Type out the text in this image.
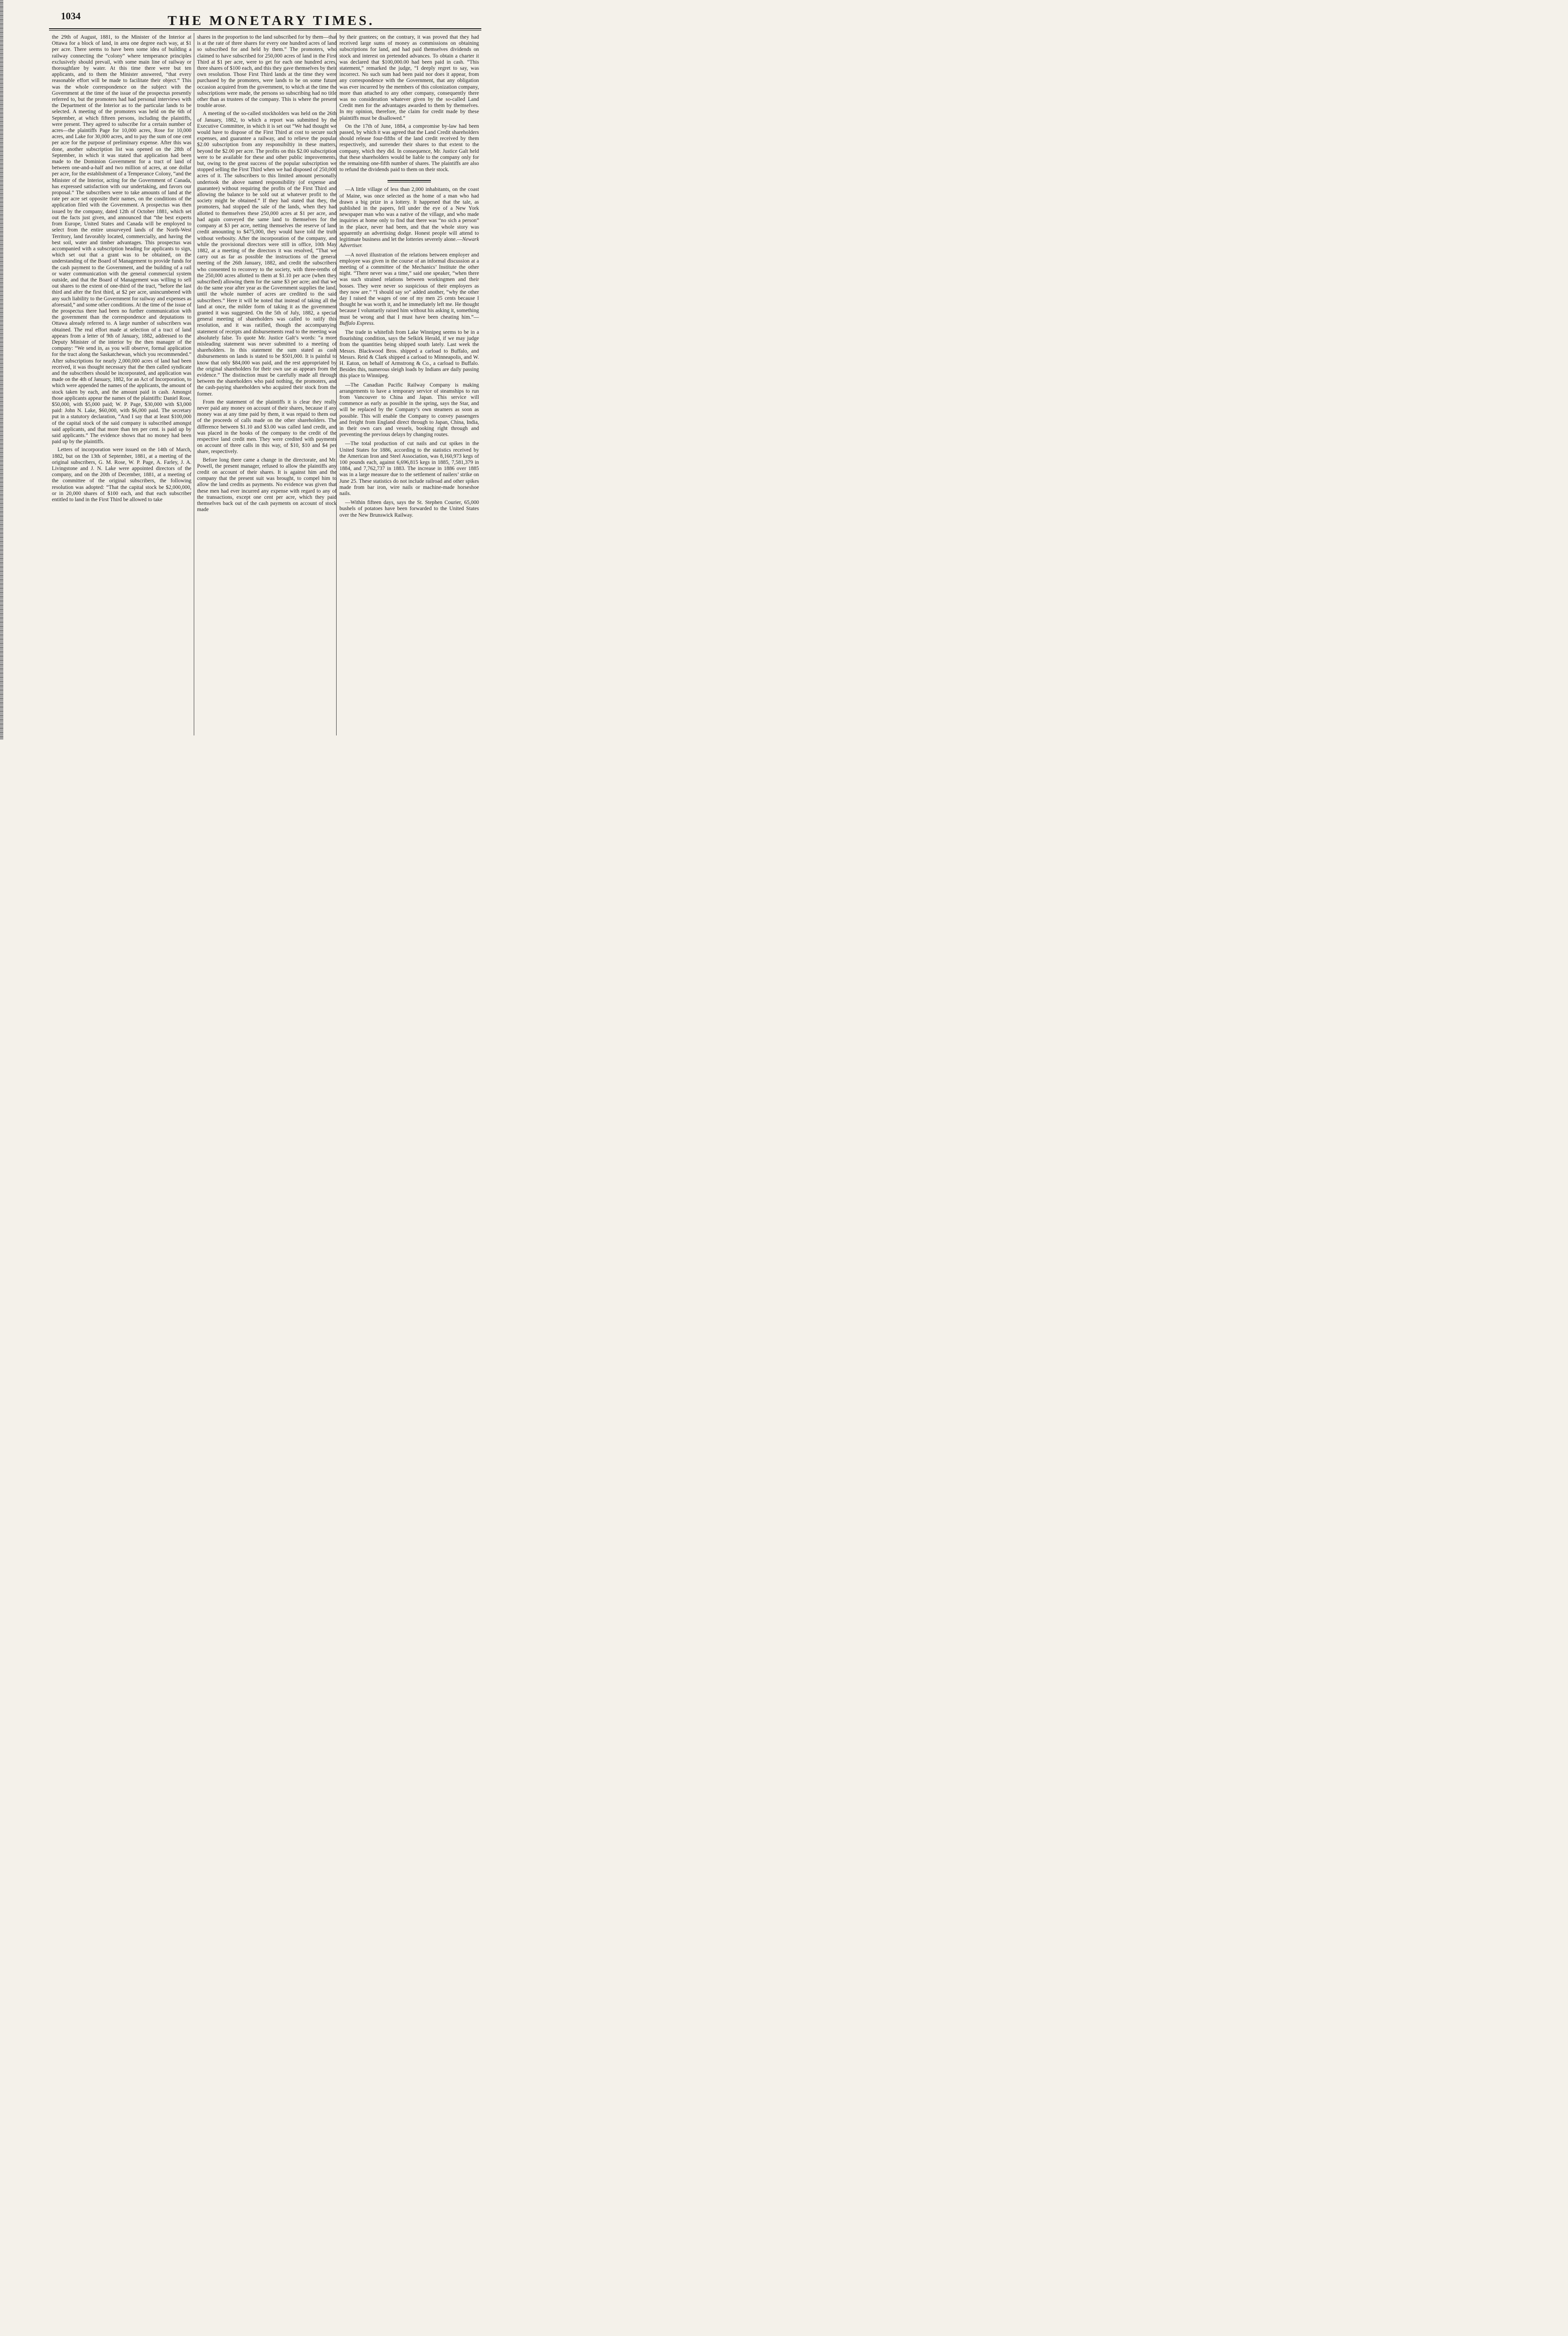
1034	THE MONETARY TIMES.

the 29th of August, 1881, to the Minister of the Interior at Ottawa for a block of land, in area one degree each way, at $1 per acre. There seems to have been some idea of building a railway connecting the “colony” where temperance principles exclusively should prevail, with some main line of railway or thoroughfare by water. At this time there were but ten applicants, and to them the Minister answered, “that every reasonable effort will be made to facilitate their object.” This was the whole correspondence on the subject with the Government at the time of the issue of the prospectus presently referred to, but the promoters had had personal interviews with the Department of the Interior as to the particular lands to be selected. A meeting of the promoters was held on the 6th of September, at which fifteen persons, including the plaintiffs, were present. They agreed to subscribe for a certain number of acres—the plaintiffs Page for 10,000 acres, Rose for 10,000 acres, and Lake for 30,000 acres, and to pay the sum of one cent per acre for the purpose of preliminary expense. After this was done, another subscription list was opened on the 28th of September, in which it was stated that application had been made to the Dominion Government for a tract of land of between one-and-a-half and two million of acres, at one dollar per acre, for the establishment of a Temperance Colony, “and the Minister of the Interior, acting for the Government of Canada, has expressed satisfaction with our undertaking, and favors our proposal.” The subscribers were to take amounts of land at the rate per acre set opposite their names, on the conditions of the application filed with the Government. A prospectus was then issued by the company, dated 12th of October 1881, which set out the facts just given, and announced that “the best experts from Europe, United States and Canada will be employed to select from the entire unsurveyed lands of the North-West Territory, land favorably located, commercially, and having the best soil, water and timber advantages. This prospectus was accompanied with a subscription heading for applicants to sign, which set out that a grant was to be obtained, on the understanding of the Board of Management to provide funds for the cash payment to the Government, and the building of a rail or water communication with the general commercial system outside, and that the Board of Management was willing to sell out shares to the extent of one-third of the tract, “before the last third and after the first third, at $2 per acre, unincumbered with any such liability to the Government for railway and expenses as aforesaid,” and some other conditions. At the time of the issue of the prospectus there had been no further communication with the government than the correspondence and deputations to Ottawa already referred to. A large number of subscribers was obtained. The real effort made at selection of a tract of land appears from a letter of 9th of January, 1882, addressed to the Deputy Minister of the interior by the then manager of the company: “We send in, as you will observe, formal application for the tract along the Saskatchewan, which you recommended.” After subscriptions for nearly 2,000,000 acres of land had been received, it was thought necessary that the then called syndicate and the subscribers should be incorporated, and application was made on the 4th of January, 1882, for an Act of Incorporation, to which were appended the names of the applicants, the amount of stock taken by each, and the amount paid in cash. Amongst those applicants appear the names of the plaintiffs: Daniel Rose, $50,000, with $5,000 paid; W. P. Page, $30,000 with $3,000 paid: John N. Lake, $60,000, with $6,000 paid. The secretary put in a statutory declaration, “And I say that at least $100,000 of the capital stock of the said company is subscribed amongst said applicants, and that more than ten per cent. is paid up by said applicants.” The evidence shows that no money had been paid up by the plaintiffs.

Letters of incorporation were issued on the 14th of March, 1882, but on the 13th of September, 1881, at a meeting of the original subscribers, G. M. Rose, W. P. Page, A. Farley, J. A. Livingstone and J. N. Lake were appointed directors of the company, and on the 20th of December, 1881, at a meeting of the committee of the original subscribers, the following resolution was adopted: “That the capital stock be $2,000,000, or in 20,000 shares of $100 each, and that each subscriber entitled to land in the First Third be allowed to take

shares in the proportion to the land subscribed for by them—that is at the rate of three shares for every one hundred acres of land so subscribed for and held by them.” The promoters, who claimed to have subscribed for 250,000 acres of land in the First Third at $1 per acre, were to get for each one hundred acres, three shares of $100 each, and this they gave themselves by their own resolution. Those First Third lands at the time they were purchased by the promoters, were lands to be on some future occasion acquired from the government, to which at the time the subscriptions were made, the persons so subscribing had no title other than as trustees of the company. This is where the present trouble arose.

A meeting of the so-called stockholders was held on the 26th of January, 1882, to which a report was submitted by the Executive Committee, in which it is set out “We had thought we would have to dispose of the First Third at cost to secure such expenses, and guarantee a railway, and to relieve the popular $2.00 subscription from any responsibiltiy in these matters, beyond the $2.00 per acre. The profits on this $2.00 subscription were to be available for these and other public improvements, but, owing to the great success of the popular subscription we stopped selling the First Third when we had disposed of 250,000 acres of it. The subscribers to this limited amount personally undertook the above named responsibility (of expense and guarantee) without requiring the profits of the First Third and allowing the balance to be sold out at whatever profit to the society might be obtained.” If they had stated that they, the promoters, had stopped the sale of the lands, when they had allotted to themselves these 250,000 acres at $1 per acre, and had again conveyed the same land to themselves for the company at $3 per acre, netting themselves the reserve of land credit amounting to $475,000, they would have told the truth without verbosity. After the incorporation of the company, and while the provisional directors were still in office, 10th May 1882, at a meeting of the directors it was resolved, “That we carry out as far as possible the instructions of the general meeting of the 26th January, 1882, and credit the subscribers who consented to reconvey to the society, with three-tenths of the 250,000 acres allotted to them at $1.10 per acre (when they subscribed) allowing them for the same $3 per acre; and that we do the same year after year as the Government supplies the land, until the whole number of acres are credited to the said subscribers.” Here it will be noted that instead of taking all the land at once, the milder form of taking it as the government granted it was suggested. On the 5th of July, 1882, a special general meeting of shareholders was called to ratify this resolution, and it was ratified, though the accompanying statement of receipts and disbursements read to the meeting was absolutely false. To quote Mr. Justice Galt’s words: “a more misleading statement was never submitted to a meeting of shareholders. In this statement the sum stated as cash disbursements on lands is stated to be $501,000. It is painful to know that only $84,000 was paid, and the rest appropriated by the original shareholders for their own use as appears from the evidence.” The distinction must be carefully made all through between the shareholders who paid nothing, the promoters, and the cash-paying shareholders who acquired their stock from the former.

From the statement of the plaintiffs it is clear they really never paid any money on account of their shares, because if any money was at any time paid by them, it was repaid to them out of the proceeds of calls made on the other shareholders. The difference between $1.10 and $3.00 was called land credit, and was placed in the books of the company to the credit of the respective land credit men. They were credited with payments on account of three calls in this way, of $10, $10 and $4 per share, respectively.

Before long there came a change in the directorate, and Mr. Powell, the present manager, refused to allow the plaintiffs any credit on account of their shares. It is against him and the company that the present suit was brought, to compel him to allow the land credits as payments. No evidence was given that these men had ever incurred any expense with regard to any of the transactions, except one cent per acre, which they paid themselves back out of the cash payments on account of stock made

by their grantees; on the contrary, it was proved that they had received large sums of money as commissions on obtaining subscriptions for land, and had paid themselves dividends on stock and interest on pretended advances. To obtain a charter it was declared that $100,000.00 had been paid in cash. “This statement,” remarked the judge, “I deeply regret to say, was incorrect. No such sum had been paid nor does it appear, from any correspondence with the Government, that any obligation was ever incurred by the members of this colonization company, more than attached to any other company, consequently there was no consideration whatever given by the so-called Land Credit men for the advantages awarded to them by themselves. In my opinion, therefore, the claim for credit made by these plaintiffs must be disallowed.”

On the 17th of June, 1884, a compromise by-law had been passed, by which it was agreed that the Land Credit shareholders should release four-fifths of the land credit received by them respectively, and surrender their shares to that extent to the company, which they did. In consequence, Mr. Justice Galt held that these shareholders would be liable to the company only for the remaining one-fifth number of shares. The plaintiffs are also to refund the dividends paid to them on their stock.

—A little village of less than 2,000 inhabitants, on the coast of Maine, was once selected as the home of a man who had drawn a big prize in a lottery. It happened that the tale, as published in the papers, fell under the eye of a New York newspaper man who was a native of the village, and who made inquiries at home only to find that there was “no sich a person” in the place, never had been, and that the whole story was apparently an advertising dodge. Honest people will attend to legitimate business and let the lotteries severely alone.—Newark Advertiser.

—A novel illustration of the relations between employer and employee was given in the course of an informal discussion at a meeting of a committee of the Mechanics’ Institute the other night. “There never was a time,” said one speaker, “when there was such strained relations between workingmen and their bosses. They were never so suspicious of their employers as they now are.” “I should say so” added another, “why the other day I raised the wages of one of my men 25 cents because I thought he was worth it, and he immediately left me. He thought because I voluntarily raised him without his asking it, something must be wrong and that I must have been cheating him.”—Buffalo Express.

The trade in whitefish from Lake Winnipeg seems to be in a flourishing condition, says the Selkirk Herald, if we may judge from the quantities being shipped south lately. Last week the Messrs. Blackwood Bros. shipped a carload to Buffalo, and Messrs. Reid & Clark shipped a carload to Minneapolis, and W. H. Eaton, on behalf of Armstrong & Co., a carload to Buffalo. Besides this, numerous sleigh loads by Indians are daily passing this place to Winnipeg.

—The Canadian Pacific Railway Company is making arrangements to have a temporary service of steamships to run from Vancouver to China and Japan. This service will commence as early as possible in the spring, says the Star, and will be replaced by the Company’s own steamers as soon as possible. This will enable the Company to convey passengers and freight from England direct through to Japan, China, India, in their own cars and vessels, booking right through and preventing the previous delays by changing routes.

—The total production of cut nails and cut spikes in the United States for 1886, according to the statistics received by the American Iron and Steel Association, was 8,160,973 kegs of 100 pounds each, against 6,696,815 kegs in 1885, 7,581,379 in 1884, and 7,762,737 in 1883. The increase in 1886 over 1885 was in a large measure due to the settlement of nailers’ strike on June 25. These statistics do not include railroad and other spikes made from bar iron, wire nails or machine-made horseshoe nails.

—Within fifteen days, says the St. Stephen Courier, 65,000 bushels of potatoes have been forwarded to the United States over the New Brunswick Railway.
